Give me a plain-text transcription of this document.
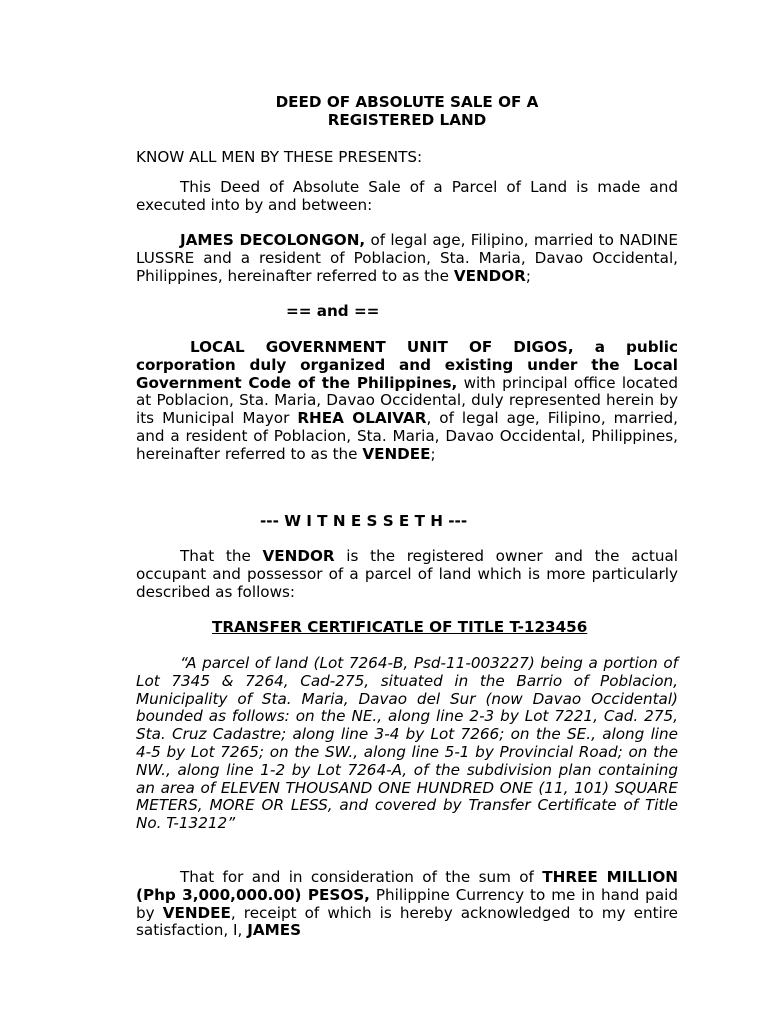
DEED OF ABSOLUTE SALE OF A

REGISTERED LAND

KNOW ALL MEN BY THESE PRESENTS:

This Deed of Absolute Sale of a Parcel of Land is made and executed into by and between:

JAMES DECOLONGON, of legal age, Filipino, married to NADINE LUSSRE and a resident of Poblacion, Sta. Maria, Davao Occidental, Philippines, hereinafter referred to as the VENDOR;

== and ==

LOCAL GOVERNMENT UNIT OF DIGOS, a public corporation duly organized and existing under the Local Government Code of the Philippines, with principal office located at Poblacion, Sta. Maria, Davao Occidental, duly represented herein by its Municipal Mayor RHEA OLAIVAR, of legal age, Filipino, married, and a resident of Poblacion, Sta. Maria, Davao Occidental, Philippines, hereinafter referred to as the VENDEE;

--- W I T N E S S E T H ---

That the VENDOR is the registered owner and the actual occupant and possessor of a parcel of land which is more particularly described as follows:

TRANSFER CERTIFICATLE OF TITLE T-123456

“A parcel of land (Lot 7264-B, Psd-11-003227) being a portion of Lot 7345 & 7264, Cad-275, situated in the Barrio of Poblacion, Municipality of Sta. Maria, Davao del Sur (now Davao Occidental) bounded as follows: on the NE., along line 2-3 by Lot 7221, Cad. 275, Sta. Cruz Cadastre; along line 3-4 by Lot 7266; on the SE., along line 4-5 by Lot 7265; on the SW., along line 5-1 by Provincial Road; on the NW., along line 1-2 by Lot 7264-A, of the subdivision plan containing an area of ELEVEN THOUSAND ONE HUNDRED ONE (11, 101) SQUARE METERS, MORE OR LESS, and covered by Transfer Certificate of Title No. T-13212”

That for and in consideration of the sum of THREE MILLION (Php 3,000,000.00) PESOS, Philippine Currency to me in hand paid by VENDEE, receipt of which is hereby acknowledged to my entire satisfaction, I, JAMES
